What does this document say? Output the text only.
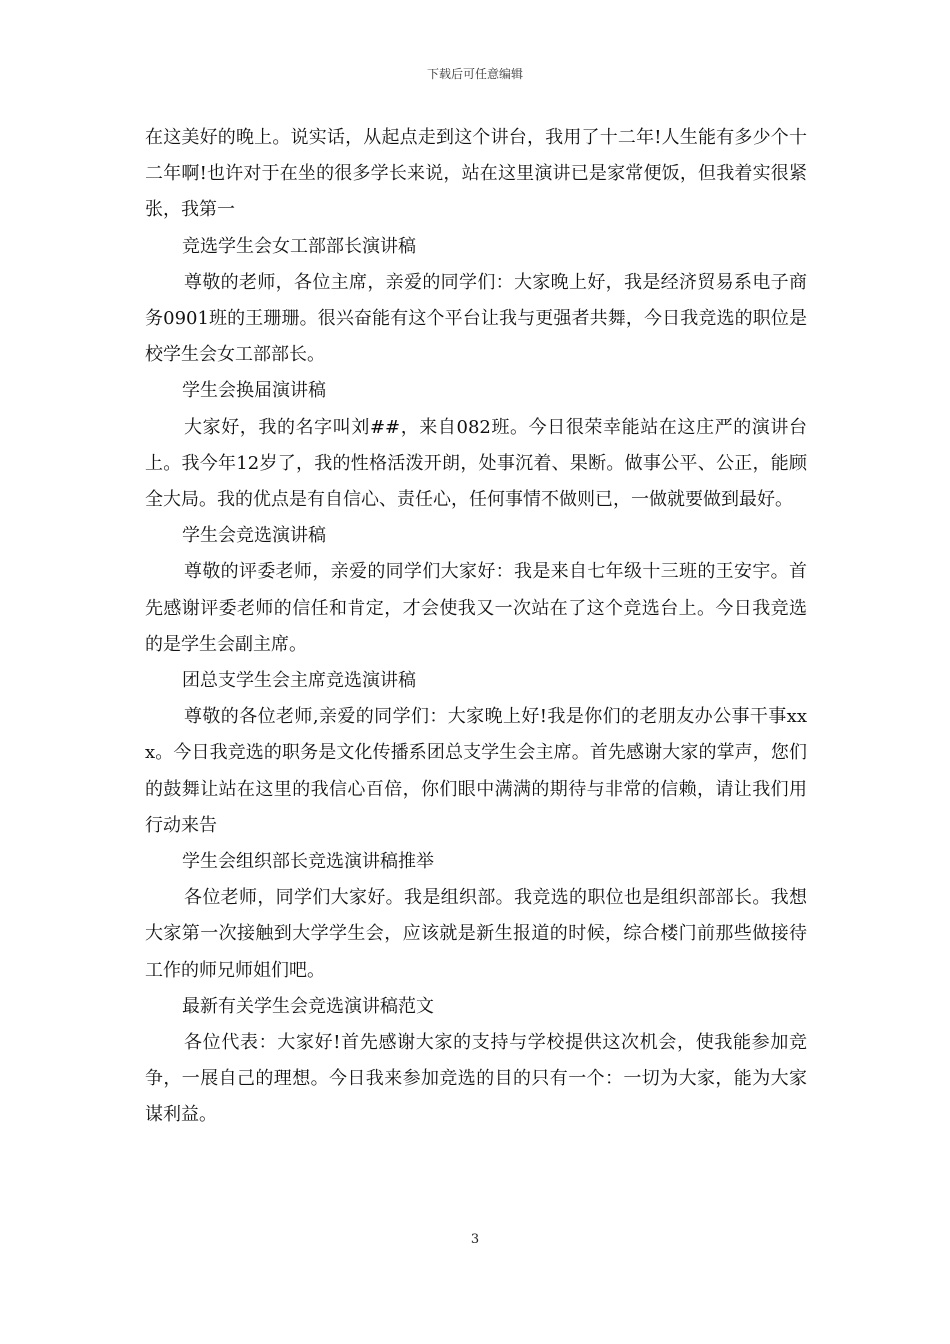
下载后可任意编辑

在这美好的晚上。说实话，从起点走到这个讲台，我用了十二年!人生能有多少个十二年啊!也许对于在坐的很多学长来说，站在这里演讲已是家常便饭，但我着实很紧张，我第一

竞选学生会女工部部长演讲稿

尊敬的老师，各位主席，亲爱的同学们：大家晚上好，我是经济贸易系电子商务0901班的王珊珊。很兴奋能有这个平台让我与更强者共舞，今日我竞选的职位是校学生会女工部部长。

学生会换届演讲稿

大家好，我的名字叫刘##，来自082班。今日很荣幸能站在这庄严的演讲台上。我今年12岁了，我的性格活泼开朗，处事沉着、果断。做事公平、公正，能顾全大局。我的优点是有自信心、责任心，任何事情不做则已，一做就要做到最好。

学生会竞选演讲稿

尊敬的评委老师，亲爱的同学们大家好：我是来自七年级十三班的王安宇。首先感谢评委老师的信任和肯定，才会使我又一次站在了这个竞选台上。今日我竞选的是学生会副主席。

团总支学生会主席竞选演讲稿

尊敬的各位老师,亲爱的同学们：大家晚上好!我是你们的老朋友办公事干事xxx。今日我竞选的职务是文化传播系团总支学生会主席。首先感谢大家的掌声，您们的鼓舞让站在这里的我信心百倍，你们眼中满满的期待与非常的信赖，请让我们用行动来告

学生会组织部长竞选演讲稿推举

各位老师，同学们大家好。我是组织部。我竞选的职位也是组织部部长。我想大家第一次接触到大学学生会，应该就是新生报道的时候，综合楼门前那些做接待工作的师兄师姐们吧。

最新有关学生会竞选演讲稿范文

各位代表：大家好!首先感谢大家的支持与学校提供这次机会，使我能参加竞争，一展自己的理想。今日我来参加竞选的目的只有一个：一切为大家，能为大家谋利益。

3
